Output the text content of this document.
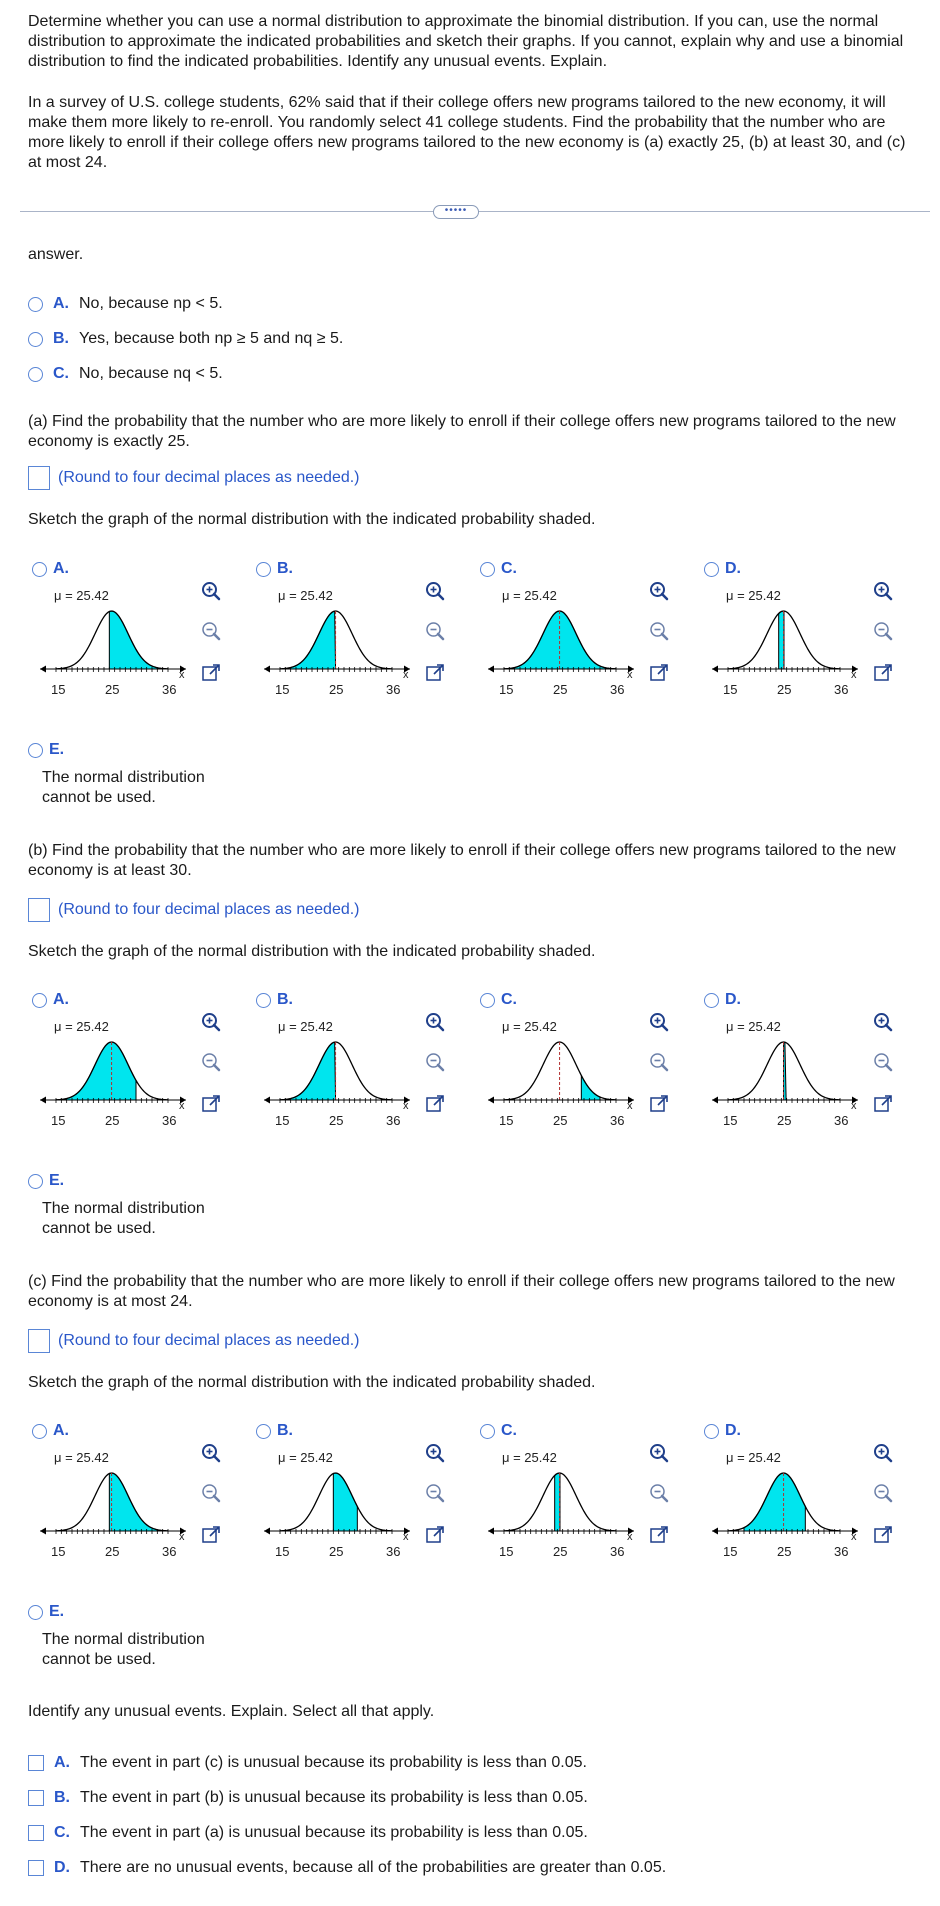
Determine whether you can use a normal distribution to approximate the binomial distribution. If you can, use the normal distribution to approximate the indicated probabilities and sketch their graphs. If you cannot, explain why and use a binomial distribution to find the indicated probabilities. Identify any unusual events. Explain.
In a survey of U.S. college students, 62% said that if their college offers new programs tailored to the new economy, it will make them more likely to re-enroll. You randomly select 41 college students. Find the probability that the number who are more likely to enroll if their college offers new programs tailored to the new economy is (a) exactly 25, (b) at least 30, and (c) at most 24.
•••••
answer.
A. No, because np < 5.
B. Yes, because both np ≥ 5 and nq ≥ 5.
C. No, because nq < 5.
(a) Find the probability that the number who are more likely to enroll if their college offers new programs tailored to the new economy is exactly 25.
(Round to four decimal places as needed.)
Sketch the graph of the normal distribution with the indicated probability shaded.
A.
μ = 25.42
15	25	36
x
B.
μ = 25.42
15	25	36
x
C.
μ = 25.42
15	25	36
x
D.
μ = 25.42
15	25	36
x
E.
The normal distribution cannot be used.
(b) Find the probability that the number who are more likely to enroll if their college offers new programs tailored to the new economy is at least 30.
(Round to four decimal places as needed.)
Sketch the graph of the normal distribution with the indicated probability shaded.
A.
μ = 25.42
15	25	36
x
B.
μ = 25.42
15	25	36
x
C.
μ = 25.42
15	25	36
x
D.
μ = 25.42
15	25	36
x
E.
The normal distribution cannot be used.
(c) Find the probability that the number who are more likely to enroll if their college offers new programs tailored to the new economy is at most 24.
(Round to four decimal places as needed.)
Sketch the graph of the normal distribution with the indicated probability shaded.
A.
μ = 25.42
15	25	36
x
B.
μ = 25.42
15	25	36
x
C.
μ = 25.42
15	25	36
x
D.
μ = 25.42
15	25	36
x
E.
The normal distribution cannot be used.
Identify any unusual events. Explain. Select all that apply.
A. The event in part (c) is unusual because its probability is less than 0.05.
B. The event in part (b) is unusual because its probability is less than 0.05.
C. The event in part (a) is unusual because its probability is less than 0.05.
D. There are no unusual events, because all of the probabilities are greater than 0.05.
